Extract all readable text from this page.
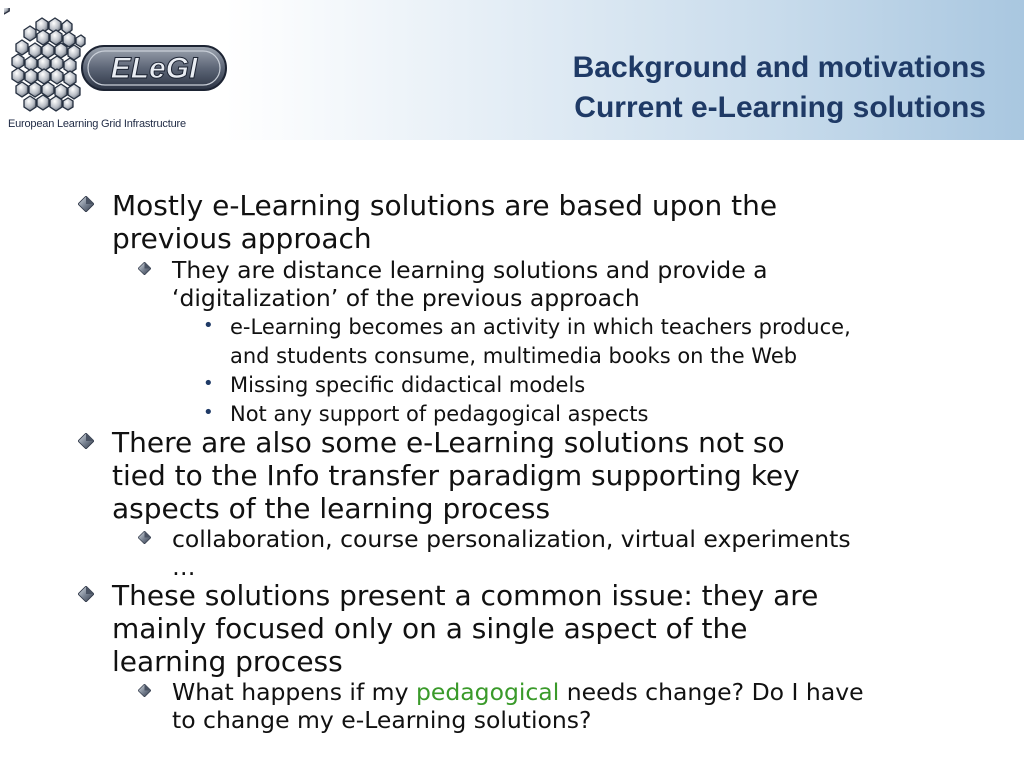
ELeGI
European Learning Grid Infrastructure
Background and motivations
Current e-Learning solutions
Mostly e-Learning solutions are based upon the
previous approach
They are distance learning solutions and provide a
‘digitalization’ of the previous approach
• e-Learning becomes an activity in which teachers produce,
and students consume, multimedia books on the Web
• Missing specific didactical models
• Not any support of pedagogical aspects
There are also some e-Learning solutions not so
tied to the Info transfer paradigm supporting key
aspects of the learning process
collaboration, course personalization, virtual experiments
…
These solutions present a common issue: they are
mainly focused only on a single aspect of the
learning process
What happens if my pedagogical needs change? Do I have
to change my e-Learning solutions?
